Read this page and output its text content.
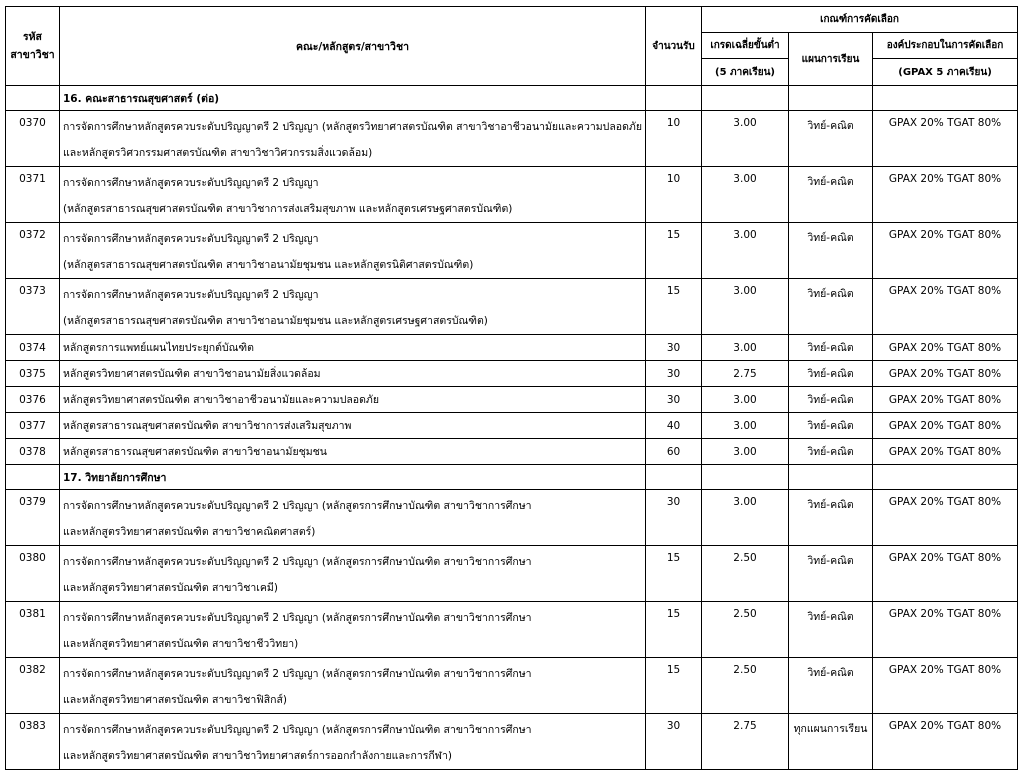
รหัส
สาขาวิชา	คณะ/หลักสูตร/สาขาวิชา	จำนวนรับ	เกณฑ์การคัดเลือก		
			เกรดเฉลี่ยขั้นต่ำ	แผนการเรียน	องค์ประกอบในการคัดเลือก
			(5 ภาคเรียน)		(GPAX 5 ภาคเรียน)
	16. คณะสาธารณสุขศาสตร์ (ต่อ)				
0370	การจัดการศึกษาหลักสูตรควบระดับปริญญาตรี 2 ปริญญา (หลักสูตรวิทยาศาสตรบัณฑิต สาขาวิชาอาชีวอนามัยและความปลอดภัย
และหลักสูตรวิศวกรรมศาสตรบัณฑิต สาขาวิชาวิศวกรรมสิ่งแวดล้อม)	10	3.00	วิทย์-คณิต	GPAX 20% TGAT 80%
0371	การจัดการศึกษาหลักสูตรควบระดับปริญญาตรี 2 ปริญญา
(หลักสูตรสาธารณสุขศาสตรบัณฑิต สาขาวิชาการส่งเสริมสุขภาพ และหลักสูตรเศรษฐศาสตรบัณฑิต)	10	3.00	วิทย์-คณิต	GPAX 20% TGAT 80%
0372	การจัดการศึกษาหลักสูตรควบระดับปริญญาตรี 2 ปริญญา
(หลักสูตรสาธารณสุขศาสตรบัณฑิต สาขาวิชาอนามัยชุมชน และหลักสูตรนิติศาสตรบัณฑิต)	15	3.00	วิทย์-คณิต	GPAX 20% TGAT 80%
0373	การจัดการศึกษาหลักสูตรควบระดับปริญญาตรี 2 ปริญญา
(หลักสูตรสาธารณสุขศาสตรบัณฑิต สาขาวิชาอนามัยชุมชน และหลักสูตรเศรษฐศาสตรบัณฑิต)	15	3.00	วิทย์-คณิต	GPAX 20% TGAT 80%
0374	หลักสูตรการแพทย์แผนไทยประยุกต์บัณฑิต	30	3.00	วิทย์-คณิต	GPAX 20% TGAT 80%
0375	หลักสูตรวิทยาศาสตรบัณฑิต สาขาวิชาอนามัยสิ่งแวดล้อม	30	2.75	วิทย์-คณิต	GPAX 20% TGAT 80%
0376	หลักสูตรวิทยาศาสตรบัณฑิต สาขาวิชาอาชีวอนามัยและความปลอดภัย	30	3.00	วิทย์-คณิต	GPAX 20% TGAT 80%
0377	หลักสูตรสาธารณสุขศาสตรบัณฑิต สาขาวิชาการส่งเสริมสุขภาพ	40	3.00	วิทย์-คณิต	GPAX 20% TGAT 80%
0378	หลักสูตรสาธารณสุขศาสตรบัณฑิต สาขาวิชาอนามัยชุมชน	60	3.00	วิทย์-คณิต	GPAX 20% TGAT 80%
	17. วิทยาลัยการศึกษา				
0379	การจัดการศึกษาหลักสูตรควบระดับปริญญาตรี 2 ปริญญา (หลักสูตรการศึกษาบัณฑิต สาขาวิชาการศึกษา
และหลักสูตรวิทยาศาสตรบัณฑิต สาขาวิชาคณิตศาสตร์)	30	3.00	วิทย์-คณิต	GPAX 20% TGAT 80%
0380	การจัดการศึกษาหลักสูตรควบระดับปริญญาตรี 2 ปริญญา (หลักสูตรการศึกษาบัณฑิต สาขาวิชาการศึกษา
และหลักสูตรวิทยาศาสตรบัณฑิต สาขาวิชาเคมี)	15	2.50	วิทย์-คณิต	GPAX 20% TGAT 80%
0381	การจัดการศึกษาหลักสูตรควบระดับปริญญาตรี 2 ปริญญา (หลักสูตรการศึกษาบัณฑิต สาขาวิชาการศึกษา
และหลักสูตรวิทยาศาสตรบัณฑิต สาขาวิชาชีววิทยา)	15	2.50	วิทย์-คณิต	GPAX 20% TGAT 80%
0382	การจัดการศึกษาหลักสูตรควบระดับปริญญาตรี 2 ปริญญา (หลักสูตรการศึกษาบัณฑิต สาขาวิชาการศึกษา
และหลักสูตรวิทยาศาสตรบัณฑิต สาขาวิชาฟิสิกส์)	15	2.50	วิทย์-คณิต	GPAX 20% TGAT 80%
0383	การจัดการศึกษาหลักสูตรควบระดับปริญญาตรี 2 ปริญญา (หลักสูตรการศึกษาบัณฑิต สาขาวิชาการศึกษา
และหลักสูตรวิทยาศาสตรบัณฑิต สาขาวิชาวิทยาศาสตร์การออกกำลังกายและการกีฬา)	30	2.75	ทุกแผนการเรียน	GPAX 20% TGAT 80%
